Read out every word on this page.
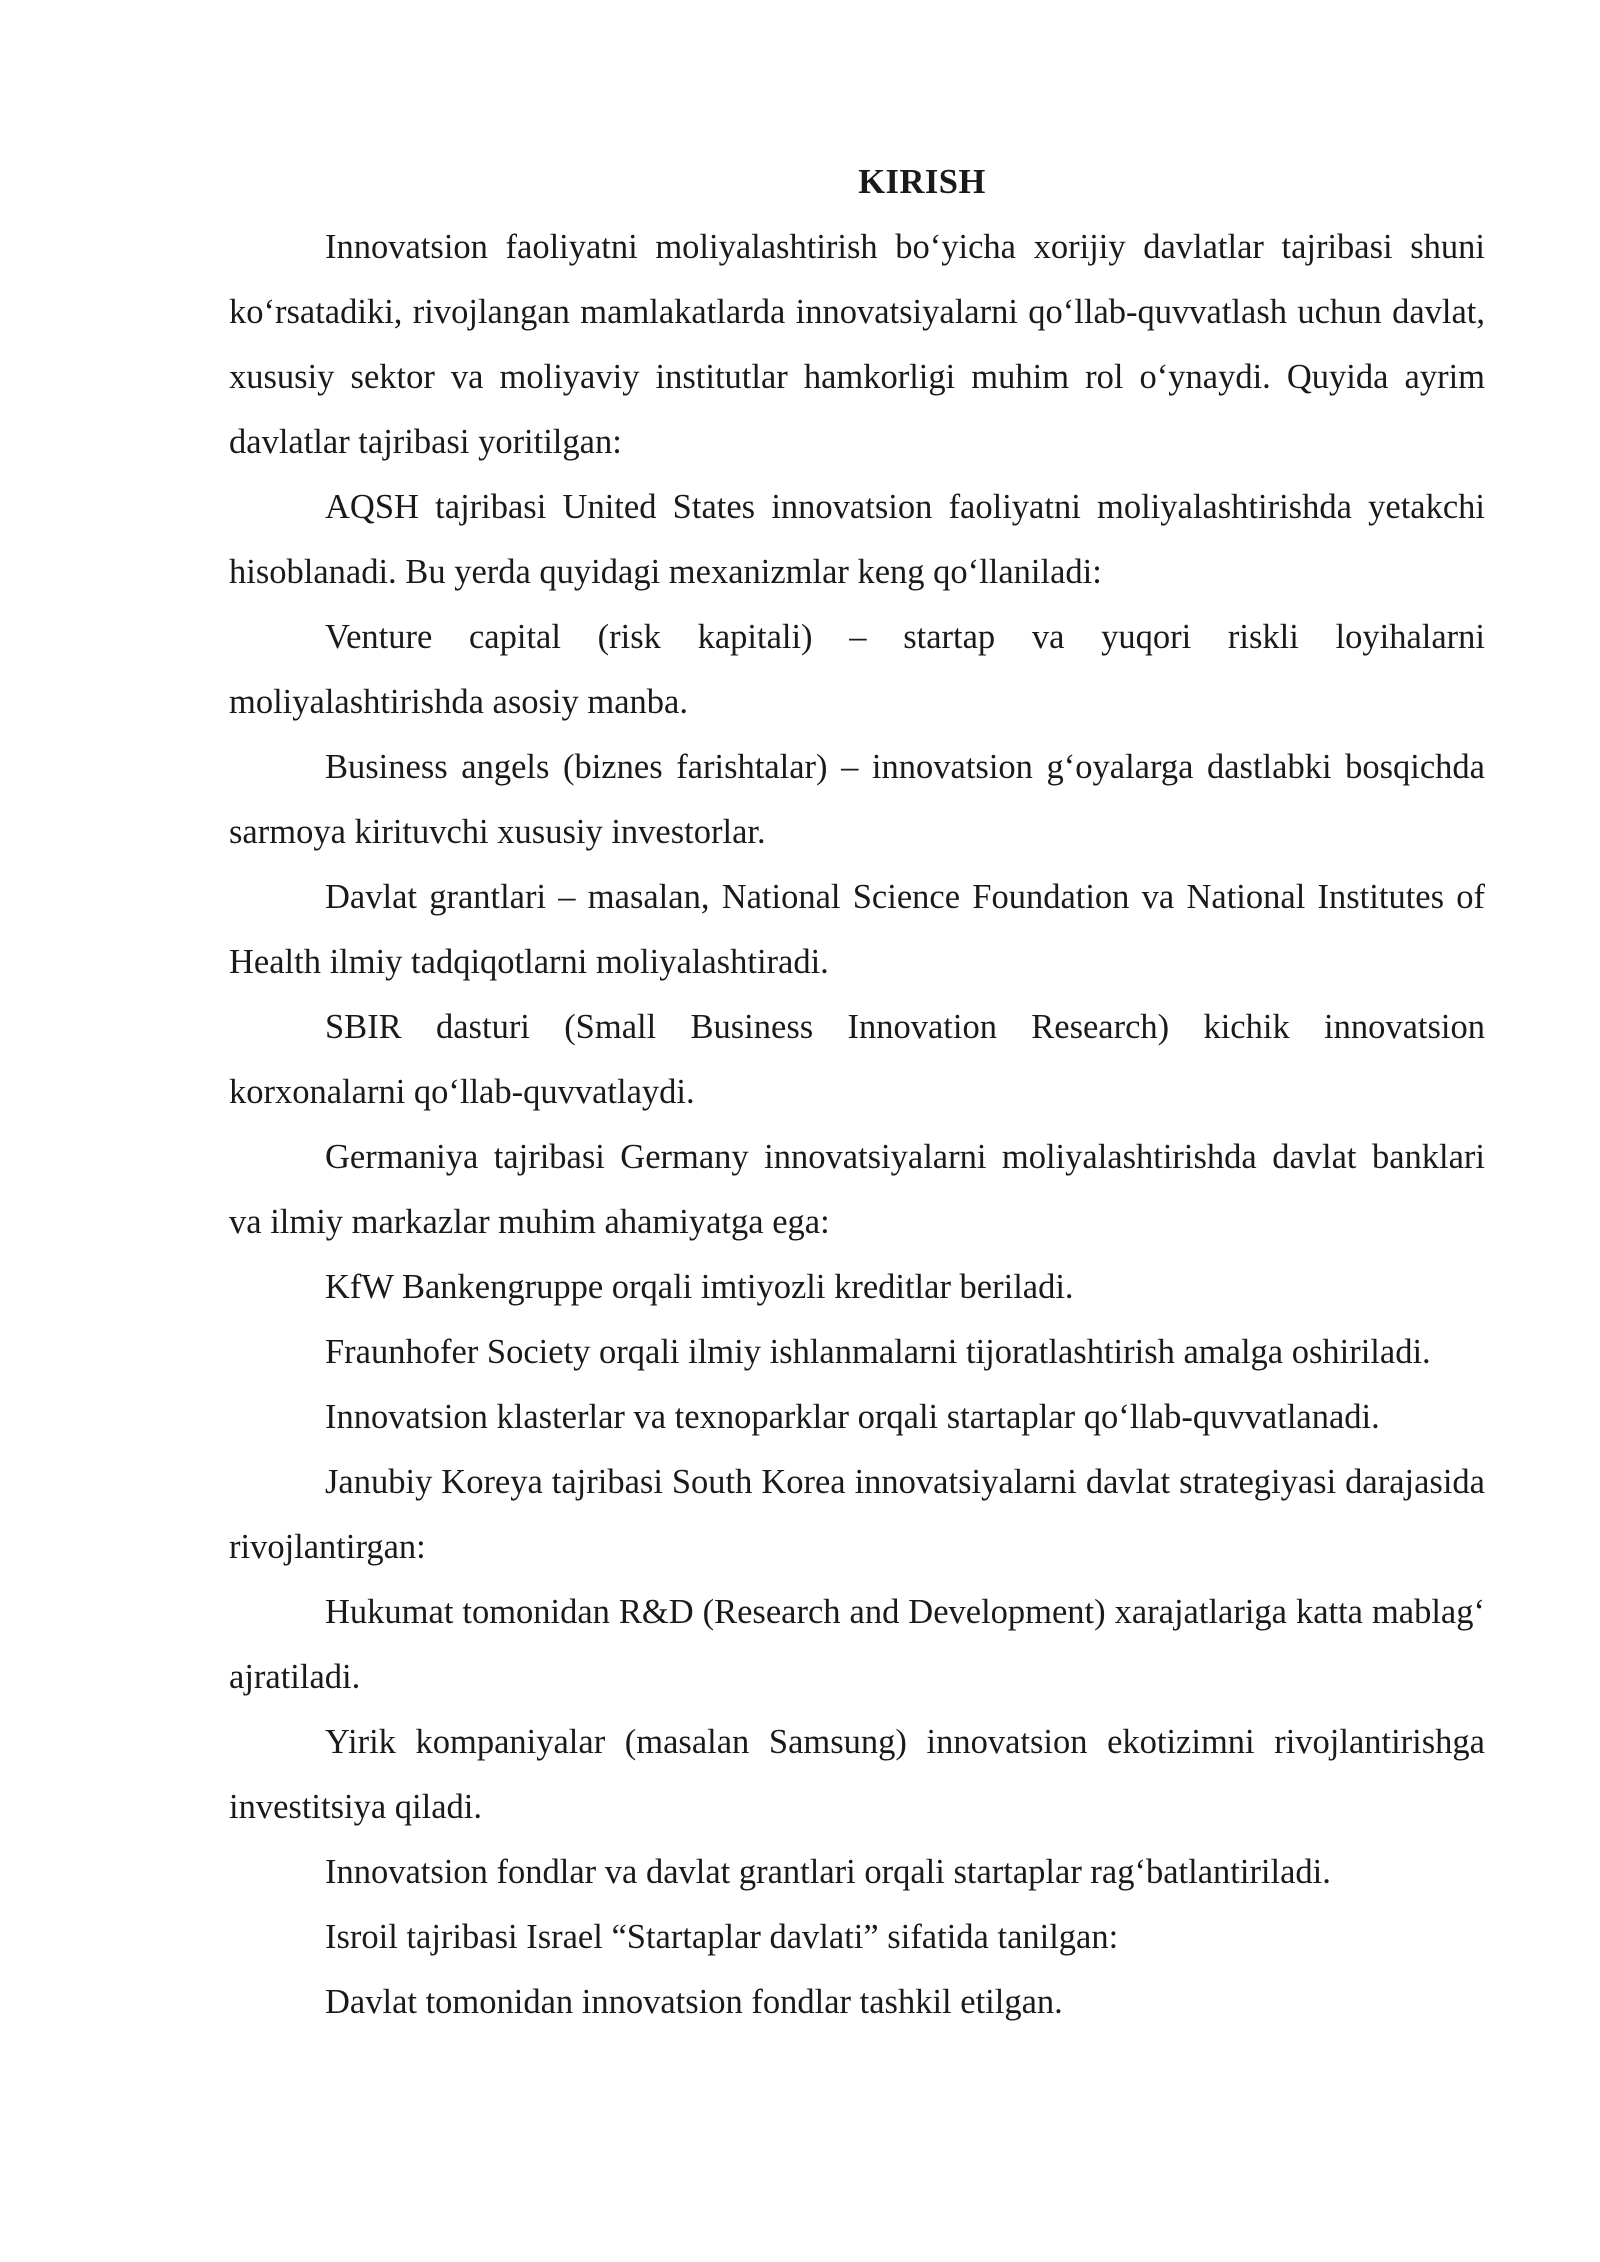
KIRISH

Innovatsion faoliyatni moliyalashtirish bo‘yicha xorijiy davlatlar tajribasi shuni ko‘rsatadiki, rivojlangan mamlakatlarda innovatsiyalarni qo‘llab-quvvatlash uchun davlat, xususiy sektor va moliyaviy institutlar hamkorligi muhim rol o‘ynaydi. Quyida ayrim davlatlar tajribasi yoritilgan:

AQSH tajribasi United States innovatsion faoliyatni moliyalashtirishda yetakchi hisoblanadi. Bu yerda quyidagi mexanizmlar keng qo‘llaniladi:

Venture capital (risk kapitali) – startap va yuqori riskli loyihalarni moliyalashtirishda asosiy manba.

Business angels (biznes farishtalar) – innovatsion g‘oyalarga dastlabki bosqichda sarmoya kirituvchi xususiy investorlar.

Davlat grantlari – masalan, National Science Foundation va National Institutes of Health ilmiy tadqiqotlarni moliyalashtiradi.

SBIR dasturi (Small Business Innovation Research) kichik innovatsion korxonalarni qo‘llab-quvvatlaydi.

Germaniya tajribasi Germany innovatsiyalarni moliyalashtirishda davlat banklari va ilmiy markazlar muhim ahamiyatga ega:

KfW Bankengruppe orqali imtiyozli kreditlar beriladi.

Fraunhofer Society orqali ilmiy ishlanmalarni tijoratlashtirish amalga oshiriladi.

Innovatsion klasterlar va texnoparklar orqali startaplar qo‘llab-quvvatlanadi.

Janubiy Koreya tajribasi South Korea innovatsiyalarni davlat strategiyasi darajasida rivojlantirgan:

Hukumat tomonidan R&D (Research and Development) xarajatlariga katta mablag‘ ajratiladi.

Yirik kompaniyalar (masalan Samsung) innovatsion ekotizimni rivojlantirishga investitsiya qiladi.

Innovatsion fondlar va davlat grantlari orqali startaplar rag‘batlantiriladi.

Isroil tajribasi Israel “Startaplar davlati” sifatida tanilgan:

Davlat tomonidan innovatsion fondlar tashkil etilgan.
